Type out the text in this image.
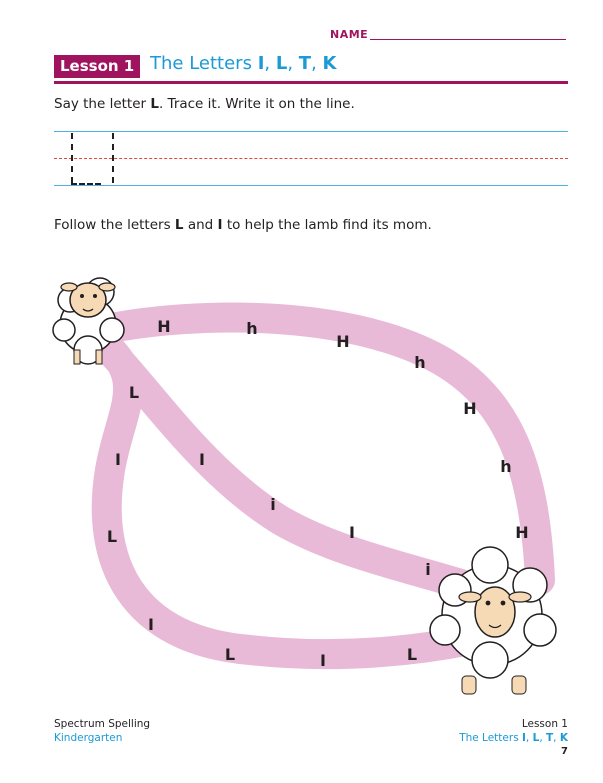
NAME
Lesson 1 The Letters I, L, T, K
Say the letter L. Trace it. Write it on the line.
Follow the letters L and I to help the lamb find its mom.
H	h
H
h
H
h
H
I
i
I
i
L
I
L
I
L	I	L
Spectrum Spelling
Kindergarten
Lesson 1
The Letters I, L, T, K
7
